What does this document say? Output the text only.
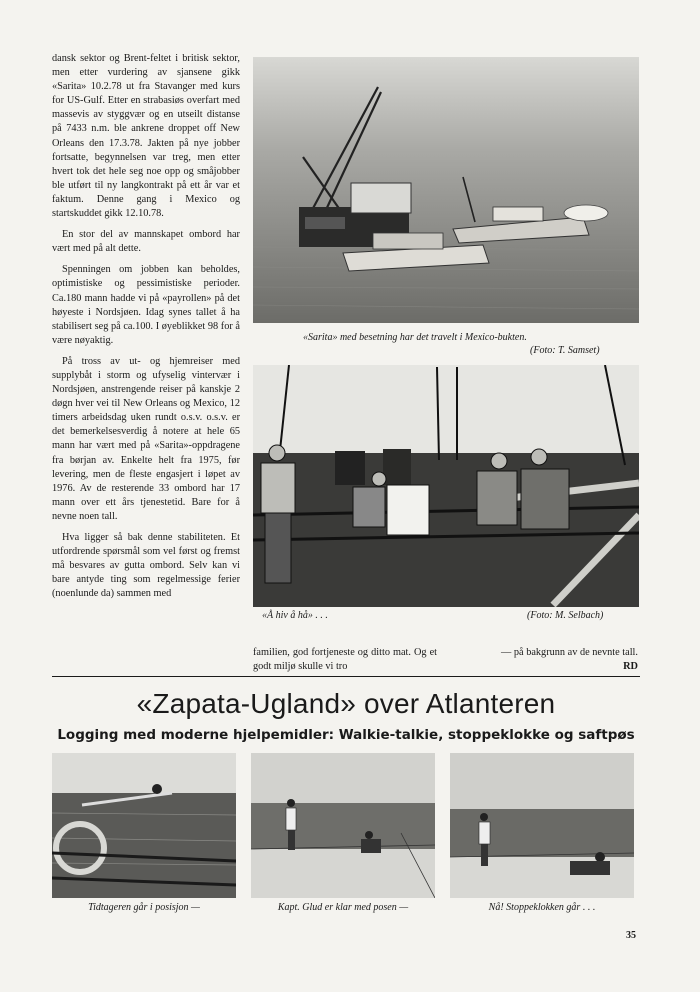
dansk sektor og Brent-feltet i britisk sektor, men etter vurdering av sjansene gikk «Sarita» 10.2.78 ut fra Stavanger med kurs for US-Gulf. Etter en strabasiøs overfart med massevis av styggvær og en utseilt distanse på 7433 n.m. ble ankrene droppet off New Orleans den 17.3.78. Jakten på nye jobber fortsatte, begynnelsen var treg, men etter hvert tok det hele seg noe opp og småjobber ble utført til ny langkontrakt på ett år var et faktum. Denne gang i Mexico og startskuddet gikk 12.10.78.

En stor del av mannskapet ombord har vært med på alt dette.

Spenningen om jobben kan beholdes, optimistiske og pessimistiske perioder. Ca.180 mann hadde vi på «payrollen» på det høyeste i Nordsjøen. Idag synes tallet å ha stabilisert seg på ca.100. I øyeblikket 98 for å være nøyaktig.

På tross av ut- og hjemreiser med supplybåt i storm og ufyselig vintervær i Nordsjøen, anstrengende reiser på kanskje 2 døgn hver vei til New Orleans og Mexico, 12 timers arbeidsdag uken rundt o.s.v. o.s.v. er det bemerkelsesverdig å notere at hele 65 mann har vært med på «Sarita»-oppdragene fra børjan av. Enkelte helt fra 1975, før levering, men de fleste engasjert i løpet av 1976. Av de resterende 33 ombord har 17 mann over ett års tjenestetid. Bare for å nevne noen tall.

Hva ligger så bak denne stabiliteten. Et utfordrende spørsmål som vel først og fremst må besvares av gutta ombord. Selv kan vi bare antyde ting som regelmessige ferier (noenlunde da) sammen med

«Sarita» med besetning har det travelt i Mexico-bukten.
(Foto: T. Samset)
«Å hiv å hå» . . .	(Foto: M. Selbach)
familien, god fortjeneste og ditto mat. Og et godt miljø skulle vi tro
— på bakgrunn av de nevnte tall.
RD
«Zapata-Ugland» over Atlanteren
Logging med moderne hjelpemidler: Walkie-talkie, stoppeklokke og saftpøs
Tidtageren går i posisjon —	Kapt. Glud er klar med posen —	Nå! Stoppeklokken går . . .
35
